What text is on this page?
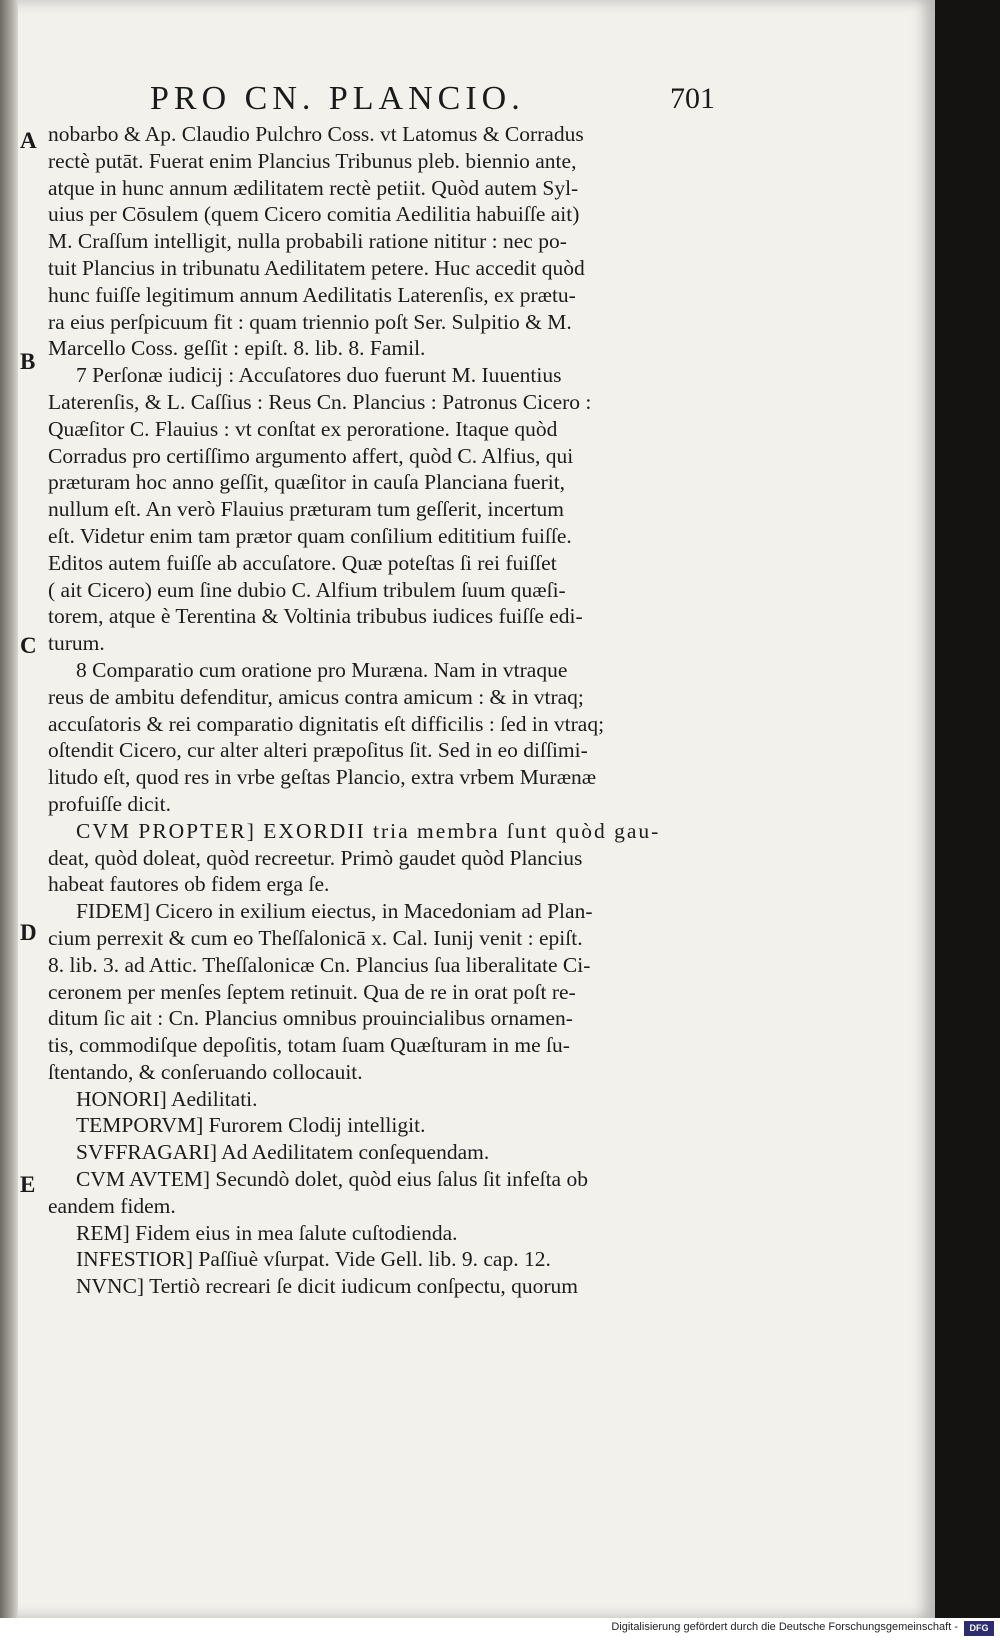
PRO CN. PLANCIO.	701
A
B
C
D
E
nobarbo & Ap. Claudio Pulchro Coss. vt Latomus & Corradus
rectè putāt. Fuerat enim Plancius Tribunus pleb. biennio ante,
atque in hunc annum ædilitatem rectè petiit. Quòd autem Syl-
uius per Cōsulem (quem Cicero comitia Aedilitia habuiſſe ait)
M. Craſſum intelligit, nulla probabili ratione nititur : nec po-
tuit Plancius in tribunatu Aedilitatem petere. Huc accedit quòd
hunc fuiſſe legitimum annum Aedilitatis Laterenſis, ex prætu-
ra eius perſpicuum fit : quam triennio poſt Ser. Sulpitio & M.
Marcello Coss. geſſit : epiſt. 8. lib. 8. Famil.
7 Perſonæ iudicij : Accuſatores duo fuerunt M. Iuuentius
Laterenſis, & L. Caſſius : Reus Cn. Plancius : Patronus Cicero :
Quæſitor C. Flauius : vt conſtat ex peroratione. Itaque quòd
Corradus pro certiſſimo argumento affert, quòd C. Alfius, qui
præturam hoc anno geſſit, quæſitor in cauſa Planciana fuerit,
nullum eſt. An verò Flauius præturam tum geſſerit, incertum
eſt. Videtur enim tam prætor quam conſilium edititium fuiſſe.
Editos autem fuiſſe ab accuſatore. Quæ poteſtas ſi rei fuiſſet
( ait Cicero) eum ſine dubio C. Alfium tribulem ſuum quæſi-
torem, atque è Terentina & Voltinia tribubus iudices fuiſſe edi-
turum.
8 Comparatio cum oratione pro Muræna. Nam in vtraque
reus de ambitu defenditur, amicus contra amicum : & in vtraq;
accuſatoris & rei comparatio dignitatis eſt difficilis : ſed in vtraq;
oſtendit Cicero, cur alter alteri præpoſitus ſit. Sed in eo diſſimi-
litudo eſt, quod res in vrbe geſtas Plancio, extra vrbem Murænæ
profuiſſe dicit.
CVM PROPTER] EXORDII tria membra ſunt quòd gau-
deat, quòd doleat, quòd recreetur. Primò gaudet quòd Plancius
habeat fautores ob fidem erga ſe.
FIDEM] Cicero in exilium eiectus, in Macedoniam ad Plan-
cium perrexit & cum eo Theſſalonicā x. Cal. Iunij venit : epiſt.
8. lib. 3. ad Attic. Theſſalonicæ Cn. Plancius ſua liberalitate Ci-
ceronem per menſes ſeptem retinuit. Qua de re in orat poſt re-
ditum ſic ait : Cn. Plancius omnibus prouincialibus ornamen-
tis, commodiſque depoſitis, totam ſuam Quæſturam in me ſu-
ſtentando, & conſeruando collocauit.
HONORI] Aedilitati.
TEMPORVM] Furorem Clodij intelligit.
SVFFRAGARI] Ad Aedilitatem conſequendam.
CVM AVTEM] Secundò dolet, quòd eius ſalus ſit infeſta ob
eandem fidem.
REM] Fidem eius in mea ſalute cuſtodienda.
INFESTIOR] Paſſiuè vſurpat. Vide Gell. lib. 9. cap. 12.
NVNC] Tertiò recreari ſe dicit iudicum conſpectu, quorum
Digitalisierung gefördert durch die Deutsche Forschungsgemeinschaft -	DFG
